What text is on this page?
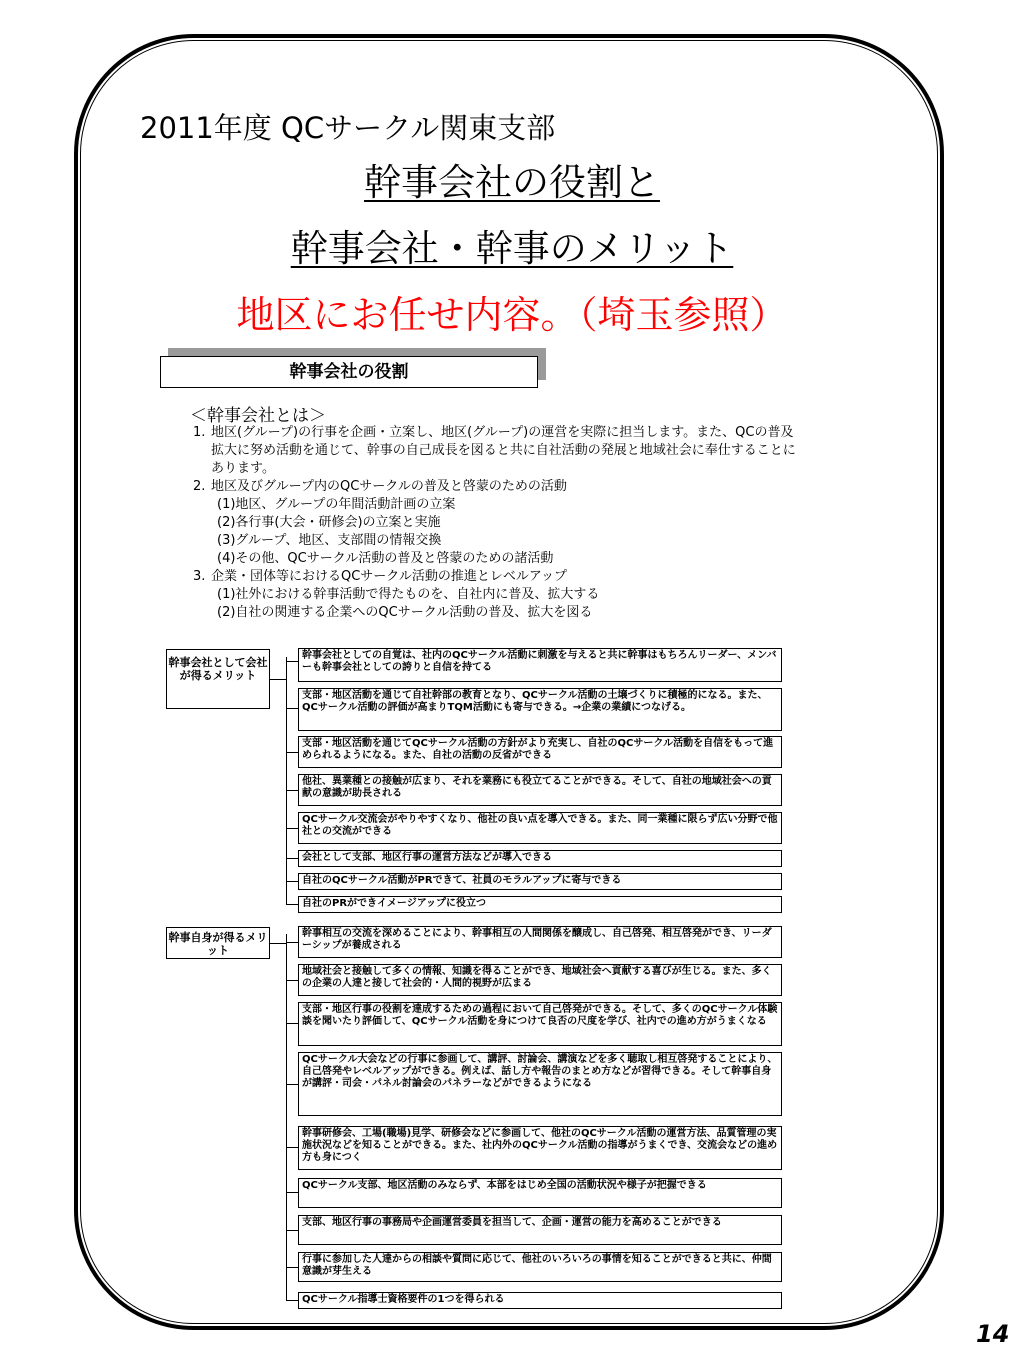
2011年度 QCサークル関東支部
幹事会社の役割と
幹事会社・幹事のメリット
地区にお任せ内容。（埼玉参照）
幹事会社の役割
＜幹事会社とは＞
1. 地区(グループ)の行事を企画・立案し、地区(グループ)の運営を実際に担当します。また、QCの普及拡大に努め活動を通じて、幹事の自己成長を図ると共に自社活動の発展と地域社会に奉仕することにあります。
2. 地区及びグループ内のQCサークルの普及と啓蒙のための活動
(1)地区、グループの年間活動計画の立案
(2)各行事(大会・研修会)の立案と実施
(3)グループ、地区、支部間の情報交換
(4)その他、QCサークル活動の普及と啓蒙のための諸活動
3. 企業・団体等におけるQCサークル活動の推進とレベルアップ
(1)社外における幹事活動で得たものを、自社内に普及、拡大する
(2)自社の関連する企業へのQCサークル活動の普及、拡大を図る
幹事会社として会社が得るメリット
幹事会社としての自覚は、社内のQCサークル活動に刺激を与えると共に幹事はもちろんリーダー、メンバーも幹事会社としての誇りと自信を持てる
支部・地区活動を通じて自社幹部の教育となり、QCサークル活動の土壌づくりに積極的になる。また、QCサークル活動の評価が高まりTQM活動にも寄与できる。→企業の業績につなげる。
支部・地区活動を通じてQCサークル活動の方針がより充実し、自社のQCサークル活動を自信をもって進められるようになる。また、自社の活動の反省ができる
他社、異業種との接触が広まり、それを業務にも役立てることができる。そして、自社の地域社会への貢献の意識が助長される
QCサークル交流会がやりやすくなり、他社の良い点を導入できる。また、同一業種に限らず広い分野で他社との交流ができる
会社として支部、地区行事の運営方法などが導入できる
自社のQCサークル活動がPRできて、社員のモラルアップに寄与できる
自社のPRができイメージアップに役立つ
幹事自身が得るメリット
幹事相互の交流を深めることにより、幹事相互の人間関係を醸成し、自己啓発、相互啓発ができ、リーダーシップが養成される
地域社会と接触して多くの情報、知識を得ることができ、地域社会へ貢献する喜びが生じる。また、多くの企業の人達と接して社会的・人間的視野が広まる
支部・地区行事の役割を達成するための過程において自己啓発ができる。そして、多くのQCサークル体験談を聞いたり評価して、QCサークル活動を身につけて良否の尺度を学び、社内での進め方がうまくなる
QCサークル大会などの行事に参画して、講評、討論会、講演などを多く聴取し相互啓発することにより、自己啓発やレベルアップができる。例えば、話し方や報告のまとめ方などが習得できる。そして幹事自身が講評・司会・パネル討論会のパネラーなどができるようになる
幹事研修会、工場(職場)見学、研修会などに参画して、他社のQCサークル活動の運営方法、品質管理の実施状況などを知ることができる。また、社内外のQCサークル活動の指導がうまくでき、交流会などの進め方も身につく
QCサークル支部、地区活動のみならず、本部をはじめ全国の活動状況や様子が把握できる
支部、地区行事の事務局や企画運営委員を担当して、企画・運営の能力を高めることができる
行事に参加した人達からの相談や質問に応じて、他社のいろいろの事情を知ることができると共に、仲間意識が芽生える
QCサークル指導士資格要件の1つを得られる
14
